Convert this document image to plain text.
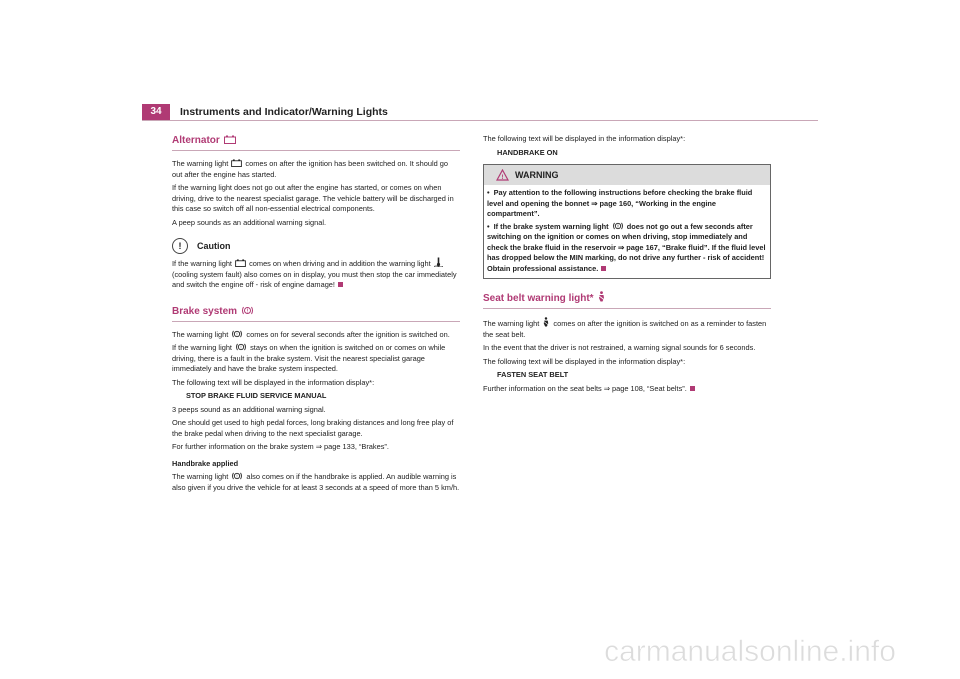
34	Instruments and Indicator/Warning Lights
Alternator

The warning light comes on after the ignition has been switched on. It should go out after the engine has started.

If the warning light does not go out after the engine has started, or comes on when driving, drive to the nearest specialist garage. The vehicle battery will be discharged in this case so switch off all non-essential electrical components.

A peep sounds as an additional warning signal.

!	Caution

If the warning light comes on when driving and in addition the warning light  (cooling system fault) also comes on in display, you must then stop the car immediately and switch the engine off - risk of engine damage!

Brake system !

The warning light ! comes on for several seconds after the ignition is switched on.

If the warning light ! stays on when the ignition is switched on or comes on while driving, there is a fault in the brake system. Visit the nearest specialist garage immediately and have the brake system inspected.

The following text will be displayed in the information display*:

STOP BRAKE FLUID SERVICE MANUAL

3 peeps sound as an additional warning signal.

One should get used to high pedal forces, long braking distances and long free play of the brake pedal when driving to the next specialist garage.

For further information on the brake system ⇒ page 133, “Brakes”.

Handbrake applied

The warning light ! also comes on if the handbrake is applied. An audible warning is also given if you drive the vehicle for at least 3 seconds at a speed of more than 5 km/h.

The following text will be displayed in the information display*:

HANDBRAKE ON

! WARNING

• Pay attention to the following instructions before checking the brake fluid level and opening the bonnet ⇒ page 160, “Working in the engine compartment”.

• If the brake system warning light ! does not go out a few seconds after switching on the ignition or comes on when driving, stop immediately and check the brake fluid in the reservoir ⇒ page 167, “Brake fluid”. If the fluid level has dropped below the MIN marking, do not drive any further - risk of accident! Obtain professional assistance.

Seat belt warning light*

The warning light comes on after the ignition is switched on as a reminder to fasten the seat belt.

In the event that the driver is not restrained, a warning signal sounds for 6 seconds.

The following text will be displayed in the information display*:

FASTEN SEAT BELT

Further information on the seat belts ⇒ page 108, “Seat belts”.

carmanualsonline.info
